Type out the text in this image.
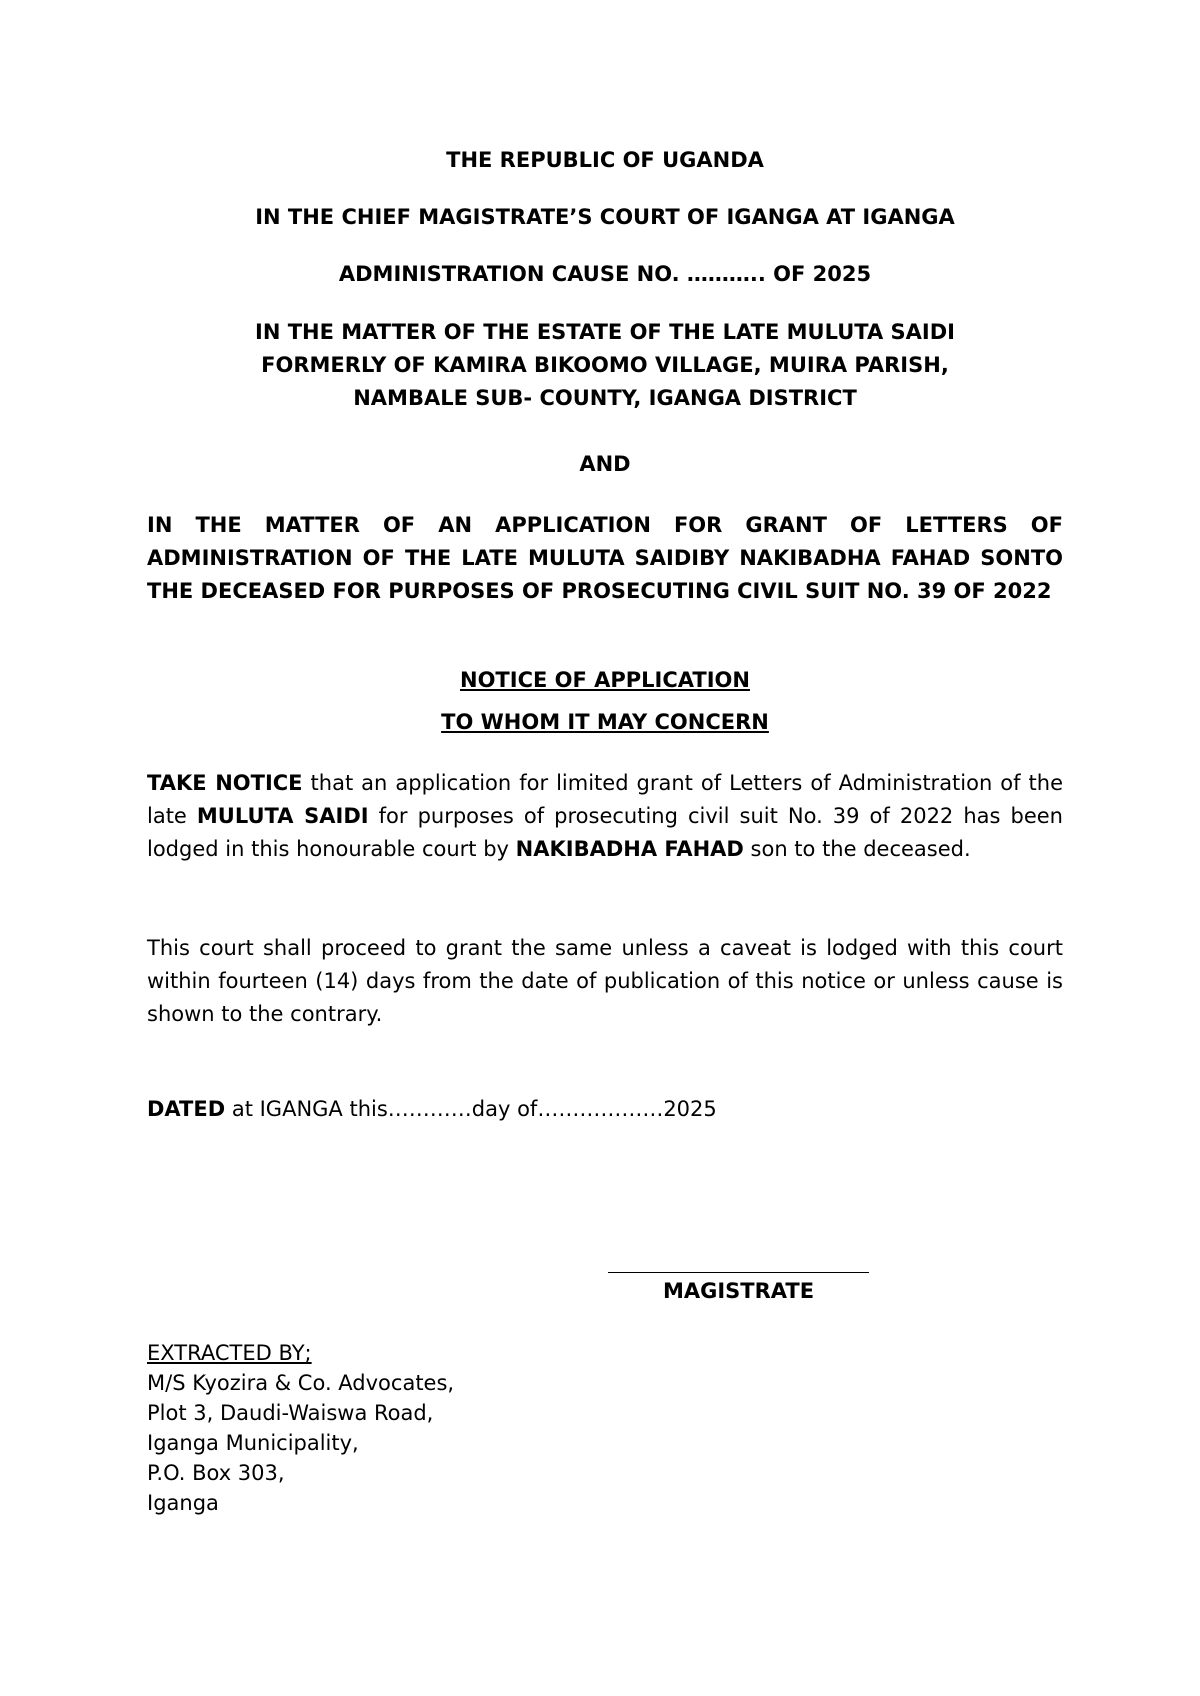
THE REPUBLIC OF UGANDA
IN THE CHIEF MAGISTRATE’S COURT OF IGANGA AT IGANGA
ADMINISTRATION CAUSE NO. ……….. OF 2025
IN THE MATTER OF THE ESTATE OF THE LATE MULUTA SAIDI
FORMERLY OF KAMIRA BIKOOMO VILLAGE, MUIRA PARISH,
NAMBALE SUB- COUNTY, IGANGA DISTRICT
AND
IN THE MATTER OF AN APPLICATION FOR GRANT OF LETTERS OF ADMINISTRATION OF THE LATE MULUTA SAIDIBY NAKIBADHA FAHAD SONTO THE DECEASED FOR PURPOSES OF PROSECUTING CIVIL SUIT NO. 39 OF 2022
NOTICE OF APPLICATION
TO WHOM IT MAY CONCERN
TAKE NOTICE that an application for limited grant of Letters of Administration of the late MULUTA SAIDI for purposes of prosecuting civil suit No. 39 of 2022 has been lodged in this honourable court by NAKIBADHA FAHAD son to the deceased.
This court shall proceed to grant the same unless a caveat is lodged with this court within fourteen (14) days from the date of publication of this notice or unless cause is shown to the contrary.
DATED at IGANGA this…………day of………………2025
MAGISTRATE
EXTRACTED BY;
M/S Kyozira & Co. Advocates,
Plot 3, Daudi-Waiswa Road,
Iganga Municipality,
P.O. Box 303,
Iganga
